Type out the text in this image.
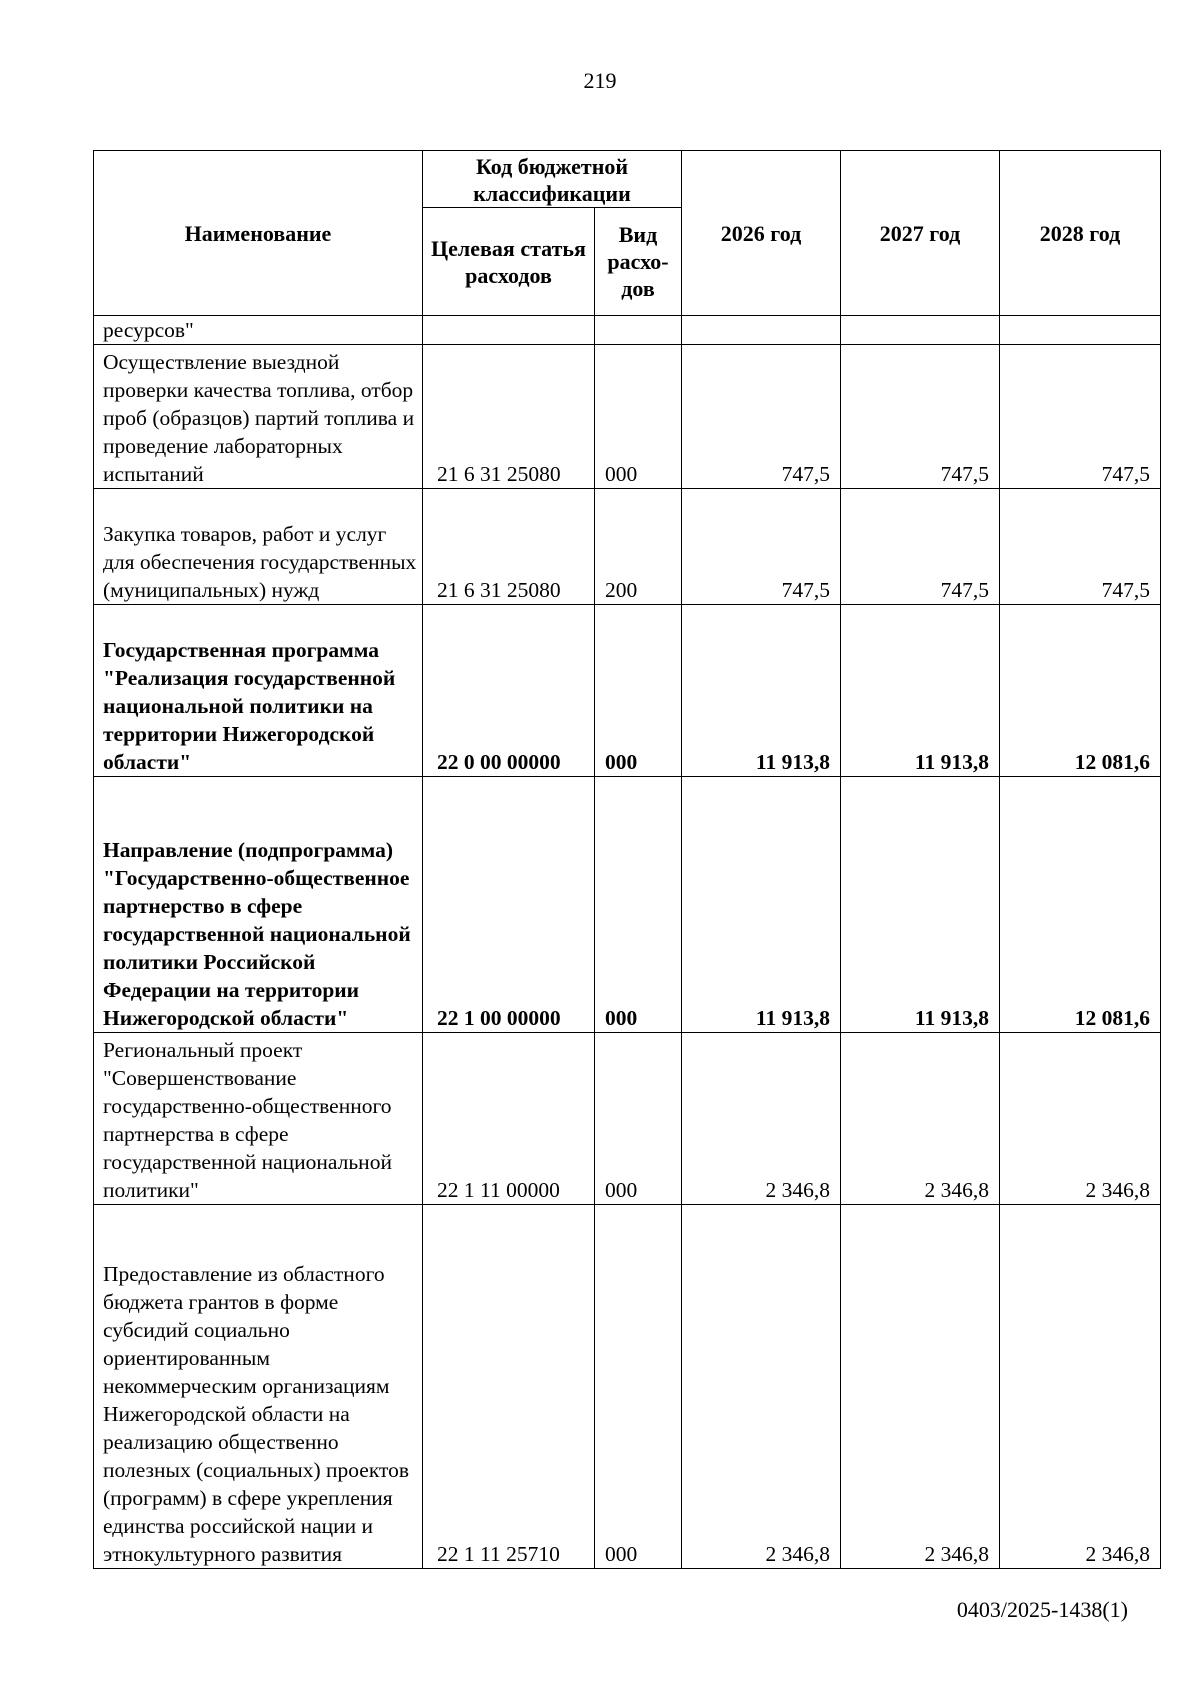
219
Наименование	Код бюджетной классификации		2026 год	2027 год	2028 год
	Целевая статья расходов	Вид расхо-дов			
ресурсов"					
Осуществление выездной проверки качества топлива, отбор проб (образцов) партий топлива и проведение лабораторных испытаний	21 6 31 25080	000	747,5	747,5	747,5
Закупка товаров, работ и услуг для обеспечения государственных (муниципальных) нужд	21 6 31 25080	200	747,5	747,5	747,5
Государственная программа "Реализация государственной национальной политики на территории Нижегородской области"	22 0 00 00000	000	11 913,8	11 913,8	12 081,6
Направление (подпрограмма) "Государственно-общественное партнерство в сфере государственной национальной политики Российской Федерации на территории Нижегородской области"	22 1 00 00000	000	11 913,8	11 913,8	12 081,6
Региональный проект "Совершенствование государственно-общественного партнерства в сфере государственной национальной политики"	22 1 11 00000	000	2 346,8	2 346,8	2 346,8
Предоставление из областного бюджета грантов в форме субсидий социально ориентированным некоммерческим организациям Нижегородской области на реализацию общественно полезных (социальных) проектов (программ) в сфере укрепления единства российской нации и этнокультурного развития	22 1 11 25710	000	2 346,8	2 346,8	2 346,8
0403/2025-1438(1)
